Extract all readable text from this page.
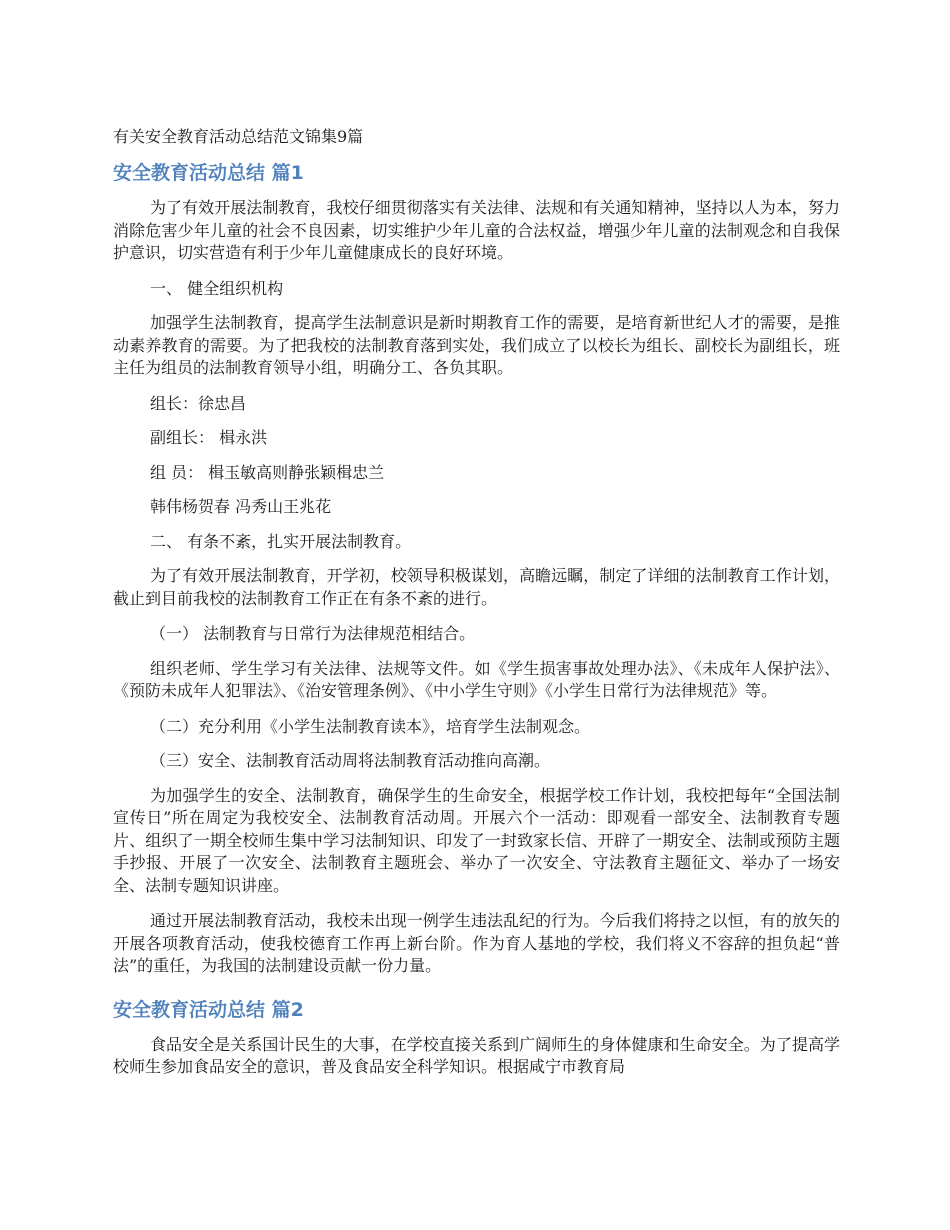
有关安全教育活动总结范文锦集9篇
安全教育活动总结 篇1

为了有效开展法制教育，我校仔细贯彻落实有关法律、法规和有关通知精神，坚持以人为本，努力消除危害少年儿童的社会不良因素，切实维护少年儿童的合法权益，增强少年儿童的法制观念和自我保护意识，切实营造有利于少年儿童健康成长的良好环境。

一、 健全组织机构

加强学生法制教育，提高学生法制意识是新时期教育工作的需要，是培育新世纪人才的需要，是推动素养教育的需要。为了把我校的法制教育落到实处，我们成立了以校长为组长、副校长为副组长，班主任为组员的法制教育领导小组，明确分工、各负其职。

组长：徐忠昌

副组长： 楫永洪

组 员： 楫玉敏高则静张颖楫忠兰

韩伟杨贺春 冯秀山王兆花

二、 有条不紊，扎实开展法制教育。

为了有效开展法制教育，开学初，校领导积极谋划，高瞻远瞩，制定了详细的法制教育工作计划，截止到目前我校的法制教育工作正在有条不紊的进行。

（一） 法制教育与日常行为法律规范相结合。

组织老师、学生学习有关法律、法规等文件。如《学生损害事故处理办法》、《未成年人保护法》、《预防未成年人犯罪法》、《治安管理条例》、《中小学生守则》《小学生日常行为法律规范》等。

（二）充分利用《小学生法制教育读本》，培育学生法制观念。

（三）安全、法制教育活动周将法制教育活动推向高潮。

为加强学生的安全、法制教育，确保学生的生命安全，根据学校工作计划，我校把每年“全国法制宣传日”所在周定为我校安全、法制教育活动周。开展六个一活动：即观看一部安全、法制教育专题片、组织了一期全校师生集中学习法制知识、印发了一封致家长信、开辟了一期安全、法制或预防主题手抄报、开展了一次安全、法制教育主题班会、举办了一次安全、守法教育主题征文、举办了一场安全、法制专题知识讲座。

通过开展法制教育活动，我校未出现一例学生违法乱纪的行为。今后我们将持之以恒，有的放矢的开展各项教育活动，使我校德育工作再上新台阶。作为育人基地的学校，我们将义不容辞的担负起“普法”的重任，为我国的法制建设贡献一份力量。

安全教育活动总结 篇2

食品安全是关系国计民生的大事，在学校直接关系到广阔师生的身体健康和生命安全。为了提高学校师生参加食品安全的意识，普及食品安全科学知识。根据咸宁市教育局
